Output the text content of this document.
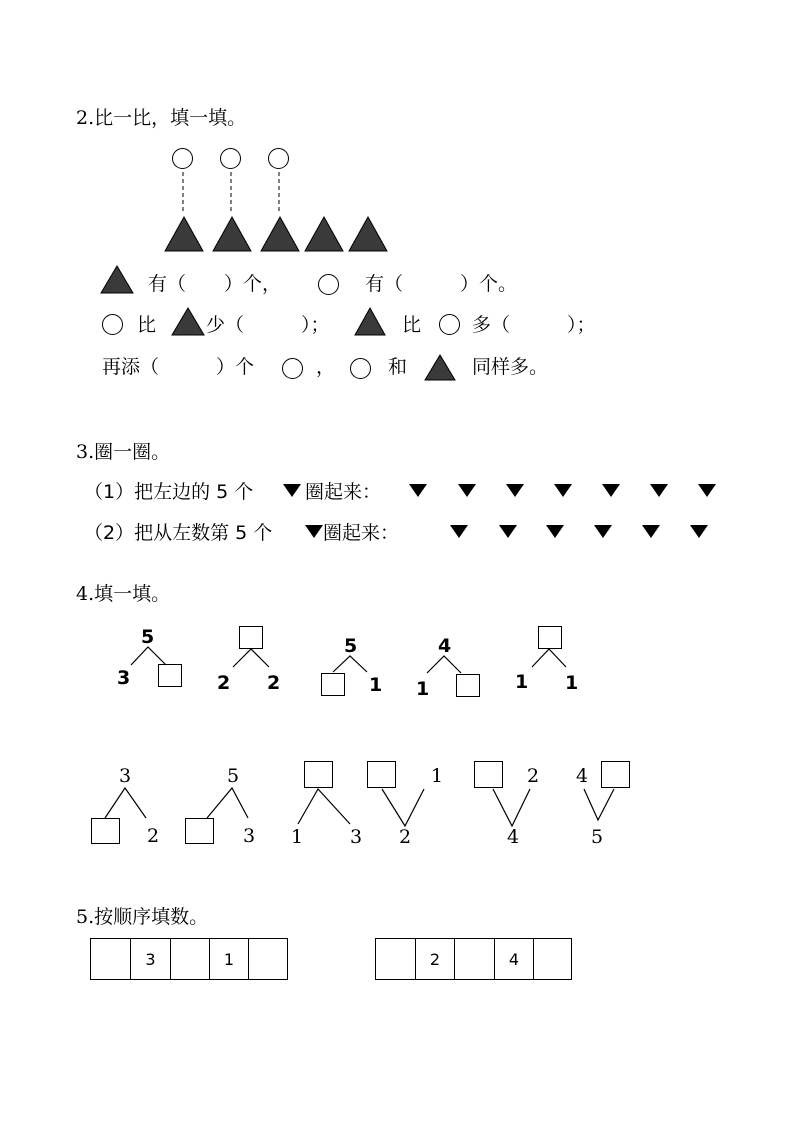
2.比一比，填一填。
有（　　）个，	有（　　　）个。
比	少（　　　）；	比	多（　　　）；
再添（　　　）个	，	和	同样多。
3.圈一圈。
（1）把左边的 5 个	圈起来：
（2）把从左数第 5 个	圈起来：
4.填一填。
5
3	2 2
5
1
4
1	1 1
3
2
5
3 1 3
1
2
2
4
4
5
5.按顺序填数。
3	1	2	4
